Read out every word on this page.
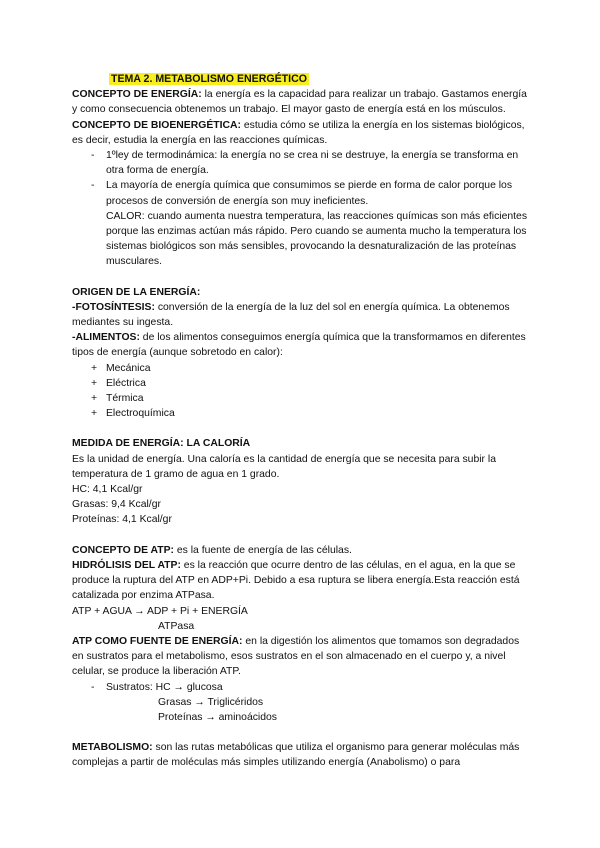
TEMA 2. METABOLISMO ENERGÉTICO

CONCEPTO DE ENERGÍA: la energía es la capacidad para realizar un trabajo. Gastamos energía y como consecuencia obtenemos un trabajo. El mayor gasto de energía está en los músculos.

CONCEPTO DE BIOENERGÉTICA: estudia cómo se utiliza la energía en los sistemas biológicos, es decir, estudia la energía en las reacciones químicas.

- 1ºley de termodinámica: la energía no se crea ni se destruye, la energía se transforma en otra forma de energía.
- La mayoría de energía química que consumimos se pierde en forma de calor porque los procesos de conversión de energía son muy ineficientes.
CALOR: cuando aumenta nuestra temperatura, las reacciones químicas son más eficientes porque las enzimas actúan más rápido. Pero cuando se aumenta mucho la temperatura los sistemas biológicos son más sensibles, provocando la desnaturalización de las proteínas musculares.

ORIGEN DE LA ENERGÍA:

-FOTOSÍNTESIS: conversión de la energía de la luz del sol en energía química. La obtenemos mediantes su ingesta.

-ALIMENTOS: de los alimentos conseguimos energía química que la transformamos en diferentes tipos de energía (aunque sobretodo en calor):

+ Mecánica
+ Eléctrica
+ Térmica
+ Electroquímica

MEDIDA DE ENERGÍA: LA CALORÍA

Es la unidad de energía. Una caloría es la cantidad de energía que se necesita para subir la temperatura de 1 gramo de agua en 1 grado.

HC: 4,1 Kcal/gr

Grasas: 9,4 Kcal/gr

Proteínas: 4,1 Kcal/gr

CONCEPTO DE ATP: es la fuente de energía de las células.

HIDRÓLISIS DEL ATP: es la reacción que ocurre dentro de las células, en el agua, en la que se produce la ruptura del ATP en ADP+Pi. Debido a esa ruptura se libera energía.Esta reacción está catalizada por enzima ATPasa.

ATP + AGUA → ADP + Pi + ENERGÍA

ATPasa

ATP COMO FUENTE DE ENERGÍA: en la digestión los alimentos que tomamos son degradados en sustratos para el metabolismo, esos sustratos en el son almacenado en el cuerpo y, a nivel celular, se produce la liberación ATP.

- Sustratos: HC → glucosa

Grasas → Triglicéridos

Proteínas → aminoácidos

METABOLISMO: son las rutas metabólicas que utiliza el organismo para generar moléculas más complejas a partir de moléculas más simples utilizando energía (Anabolismo) o para
